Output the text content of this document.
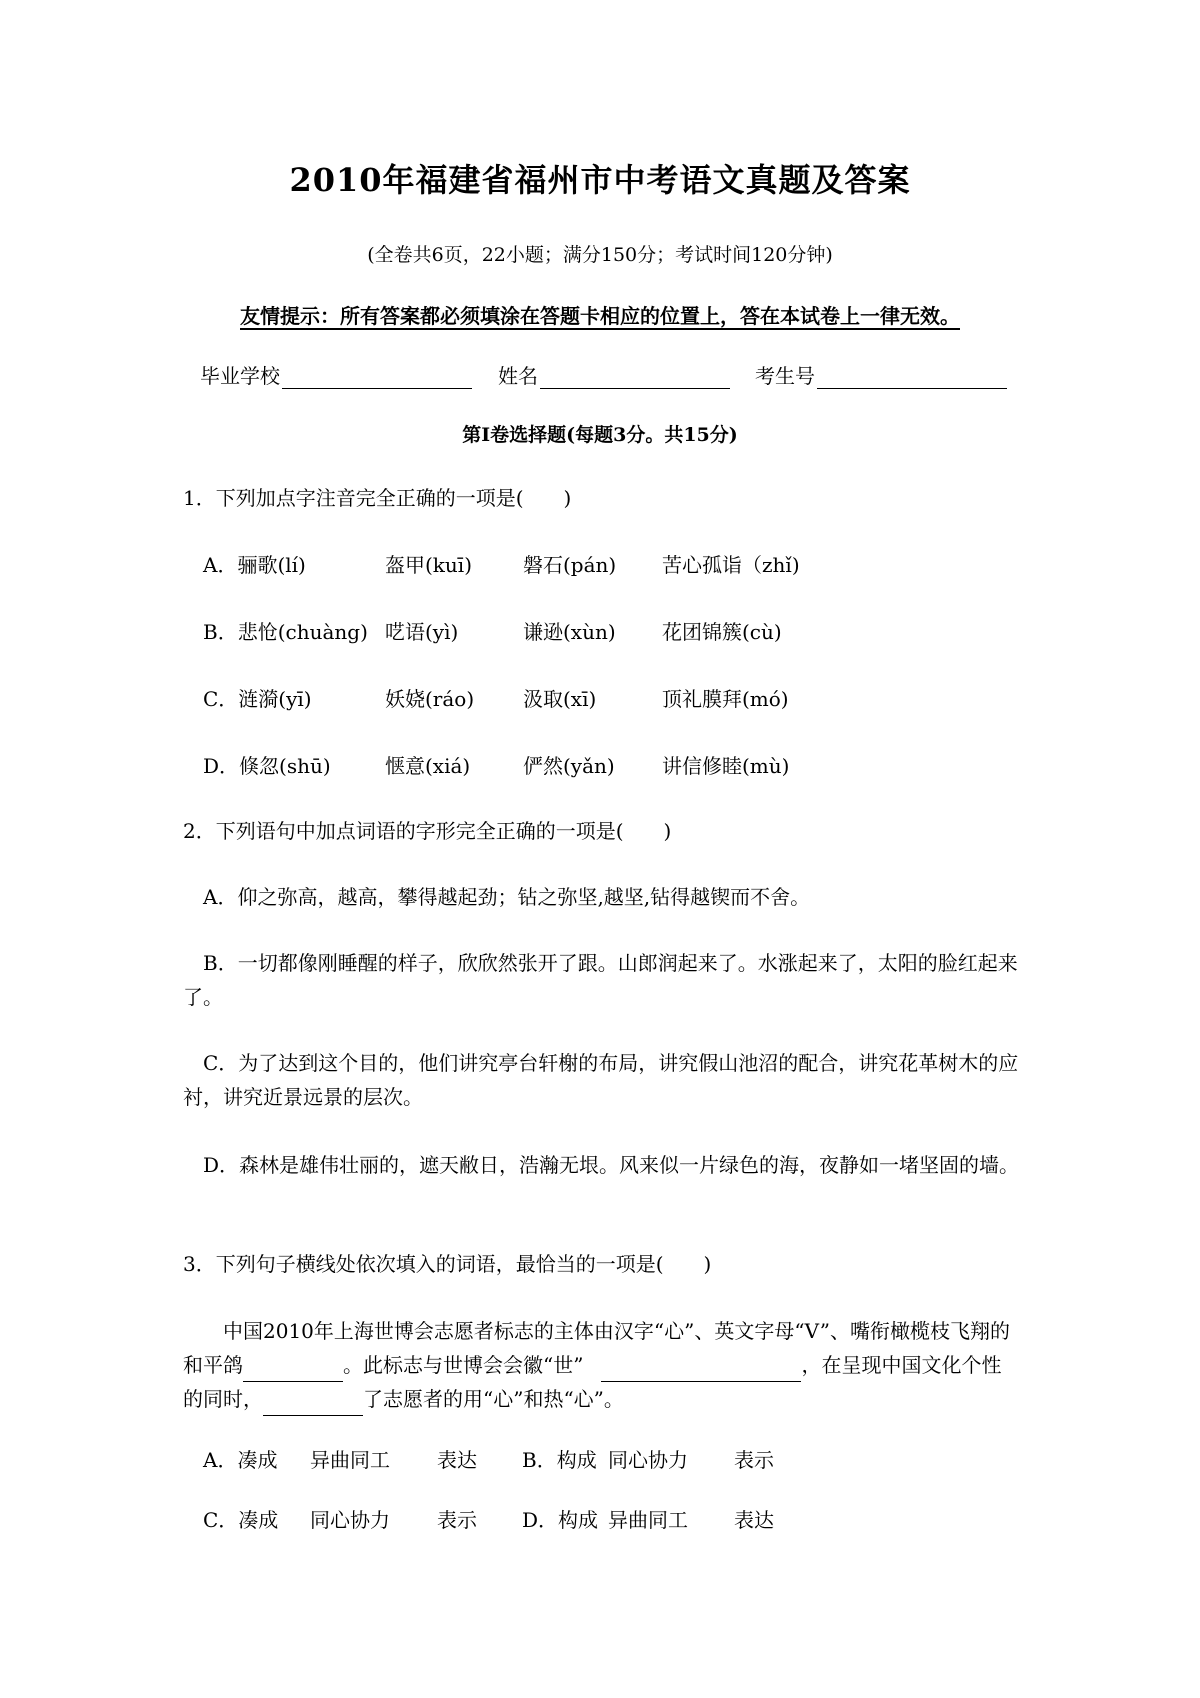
2010年福建省福州市中考语文真题及答案
(全卷共6页，22小题；满分150分；考试时间120分钟)
友情提示：所有答案都必须填涂在答题卡相应的位置上，答在本试卷上一律无效。
毕业学校	姓名	考生号
第Ⅰ卷选择题(每题3分。共15分)
1．下列加点字注音完全正确的一项是(　　)
A．骊歌(lí)	盔甲(kuī)	磐石(pán) 苦心孤诣（zhǐ)
B．悲怆(chuàng) 呓语(yì)	谦逊(xùn) 花团锦簇(cù)
C．涟漪(yī)	妖娆(ráo) 汲取(xī)	顶礼膜拜(mó)
D．倏忽(shū)	惬意(xiá)	俨然(yǎn) 讲信修睦(mù)
2．下列语句中加点词语的字形完全正确的一项是(　　)
A．仰之弥高，越高，攀得越起劲；钻之弥坚,越坚,钻得越锲而不舍。
B．一切都像刚睡醒的样子，欣欣然张开了跟。山郎润起来了。水涨起来了，太阳的脸红起来了。
C．为了达到这个目的，他们讲究亭台轩榭的布局，讲究假山池沼的配合，讲究花革树木的应衬，讲究近景远景的层次。
D．森林是雄伟壮丽的，遮天敝日，浩瀚无垠。风来似一片绿色的海，夜静如一堵坚固的墙。
3．下列句子横线处依次填入的词语，最恰当的一项是(　　)
中国2010年上海世博会志愿者标志的主体由汉字“心”、英文字母“V”、嘴衔橄榄枝飞翔的和平鸽	。此标志与世博会会徽“世”	，在呈现中国文化个性　的同时，	了志愿者的用“心”和热“心”。
A．凑成 异曲同工 表达 B．构成 同心协力 表示
C．凑成 同心协力 表示 D．构成 异曲同工 表达
